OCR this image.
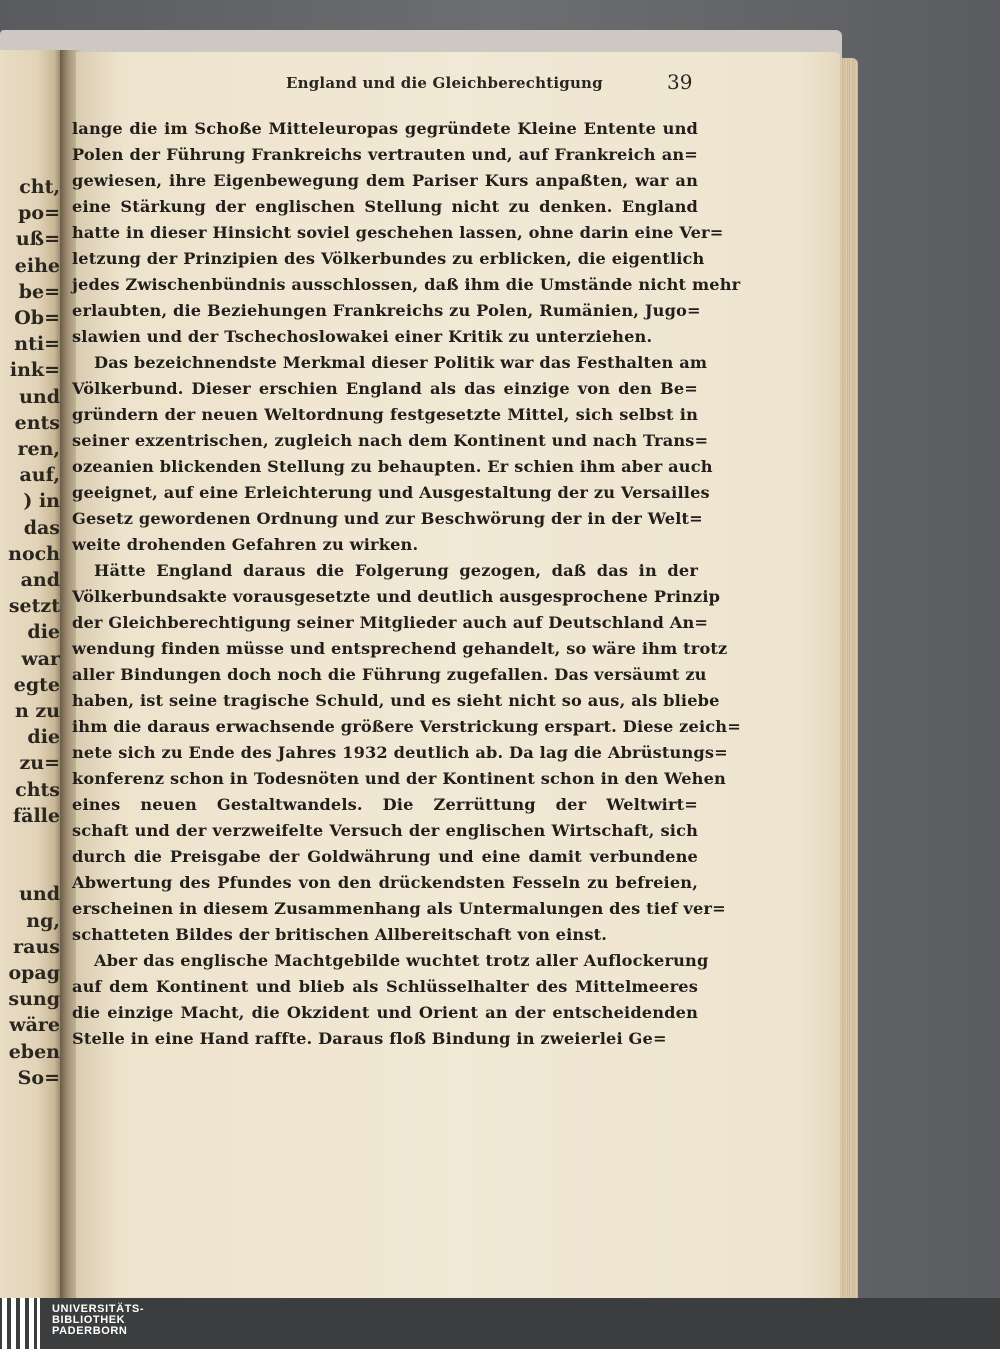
cht,
po=
uß=
eihe
be=
Ob=
nti=
ink=
und
ents
ren,
auf,
) in
das
noch
and
setzt
die
war
egte
n zu
die
zu=
chts
fälle
und
ng,
raus
opag
sung
wäre
eben
So=
England und die Gleichberechtigung	39
lange die im Schoße Mitteleuropas gegründete Kleine Entente und
Polen der Führung Frankreichs vertrauten und, auf Frankreich an=
gewiesen, ihre Eigenbewegung dem Pariser Kurs anpaßten, war an
eine Stärkung der englischen Stellung nicht zu denken. England
hatte in dieser Hinsicht soviel geschehen lassen, ohne darin eine Ver=
letzung der Prinzipien des Völkerbundes zu erblicken, die eigentlich
jedes Zwischenbündnis ausschlossen, daß ihm die Umstände nicht mehr
erlaubten, die Beziehungen Frankreichs zu Polen, Rumänien, Jugo=
slawien und der Tschechoslowakei einer Kritik zu unterziehen.
Das bezeichnendste Merkmal dieser Politik war das Festhalten am
Völkerbund. Dieser erschien England als das einzige von den Be=
gründern der neuen Weltordnung festgesetzte Mittel, sich selbst in
seiner exzentrischen, zugleich nach dem Kontinent und nach Trans=
ozeanien blickenden Stellung zu behaupten. Er schien ihm aber auch
geeignet, auf eine Erleichterung und Ausgestaltung der zu Versailles
Gesetz gewordenen Ordnung und zur Beschwörung der in der Welt=
weite drohenden Gefahren zu wirken.
Hätte England daraus die Folgerung gezogen, daß das in der
Völkerbundsakte vorausgesetzte und deutlich ausgesprochene Prinzip
der Gleichberechtigung seiner Mitglieder auch auf Deutschland An=
wendung finden müsse und entsprechend gehandelt, so wäre ihm trotz
aller Bindungen doch noch die Führung zugefallen. Das versäumt zu
haben, ist seine tragische Schuld, und es sieht nicht so aus, als bliebe
ihm die daraus erwachsende größere Verstrickung erspart. Diese zeich=
nete sich zu Ende des Jahres 1932 deutlich ab. Da lag die Abrüstungs=
konferenz schon in Todesnöten und der Kontinent schon in den Wehen
eines neuen Gestaltwandels. Die Zerrüttung der Weltwirt=
schaft und der verzweifelte Versuch der englischen Wirtschaft, sich
durch die Preisgabe der Goldwährung und eine damit verbundene
Abwertung des Pfundes von den drückendsten Fesseln zu befreien,
erscheinen in diesem Zusammenhang als Untermalungen des tief ver=
schatteten Bildes der britischen Allbereitschaft von einst.
Aber das englische Machtgebilde wuchtet trotz aller Auflockerung
auf dem Kontinent und blieb als Schlüsselhalter des Mittelmeeres
die einzige Macht, die Okzident und Orient an der entscheidenden
Stelle in eine Hand raffte. Daraus floß Bindung in zweierlei Ge=
UNIVERSITÄTS-
BIBLIOTHEK
PADERBORN
